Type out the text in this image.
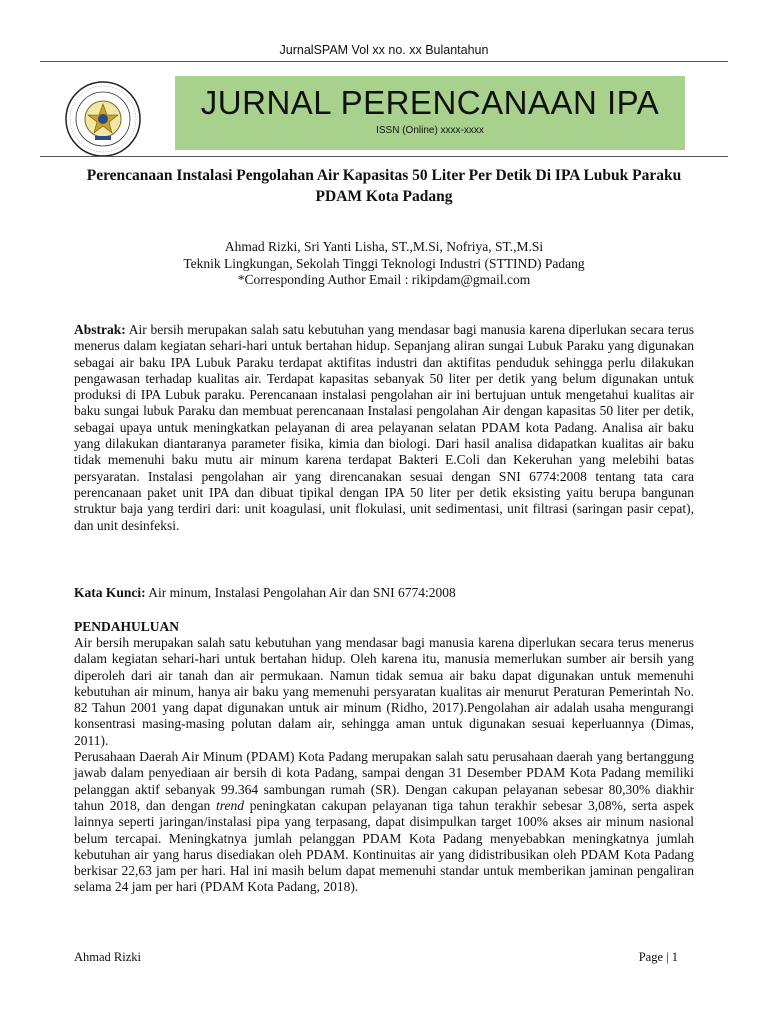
JurnalSPAM Vol xx no. xx Bulantahun
JURNAL PERENCANAAN IPA
ISSN (Online) xxxx-xxxx
Perencanaan Instalasi Pengolahan Air Kapasitas 50 Liter Per Detik Di IPA Lubuk Paraku PDAM Kota Padang
Ahmad Rizki, Sri Yanti Lisha, ST.,M.Si, Nofriya, ST.,M.Si
Teknik Lingkungan, Sekolah Tinggi Teknologi Industri (STTIND) Padang
*Corresponding Author Email : rikipdam@gmail.com
Abstrak: Air bersih merupakan salah satu kebutuhan yang mendasar bagi manusia karena diperlukan secara terus menerus dalam kegiatan sehari-hari untuk bertahan hidup. Sepanjang aliran sungai Lubuk Paraku yang digunakan sebagai air baku IPA Lubuk Paraku terdapat aktifitas industri dan aktifitas penduduk sehingga perlu dilakukan pengawasan terhadap kualitas air. Terdapat kapasitas sebanyak 50 liter per detik yang belum digunakan untuk produksi di IPA Lubuk paraku. Perencanaan instalasi pengolahan air ini bertujuan untuk mengetahui kualitas air baku sungai lubuk Paraku dan membuat perencanaan Instalasi pengolahan Air dengan kapasitas 50 liter per detik, sebagai upaya untuk meningkatkan pelayanan di area pelayanan selatan PDAM kota Padang. Analisa air baku yang dilakukan diantaranya parameter fisika, kimia dan biologi. Dari hasil analisa didapatkan kualitas air baku tidak memenuhi baku mutu air minum karena terdapat Bakteri E.Coli dan Kekeruhan yang melebihi batas persyaratan. Instalasi pengolahan air yang direncanakan sesuai dengan SNI 6774:2008 tentang tata cara perencanaan paket unit IPA dan dibuat tipikal dengan IPA 50 liter per detik eksisting yaitu berupa bangunan struktur baja yang terdiri dari: unit koagulasi, unit flokulasi, unit sedimentasi, unit filtrasi (saringan pasir cepat), dan unit desinfeksi.
Kata Kunci: Air minum, Instalasi Pengolahan Air dan SNI 6774:2008
PENDAHULUAN

Air bersih merupakan salah satu kebutuhan yang mendasar bagi manusia karena diperlukan secara terus menerus dalam kegiatan sehari-hari untuk bertahan hidup. Oleh karena itu, manusia memerlukan sumber air bersih yang diperoleh dari air tanah dan air permukaan. Namun tidak semua air baku dapat digunakan untuk memenuhi kebutuhan air minum, hanya air baku yang memenuhi persyaratan kualitas air menurut Peraturan Pemerintah No. 82 Tahun 2001 yang dapat digunakan untuk air minum (Ridho, 2017).Pengolahan air adalah usaha mengurangi konsentrasi masing-masing polutan dalam air, sehingga aman untuk digunakan sesuai keperluannya (Dimas, 2011).

Perusahaan Daerah Air Minum (PDAM) Kota Padang merupakan salah satu perusahaan daerah yang bertanggung jawab dalam penyediaan air bersih di kota Padang, sampai dengan 31 Desember PDAM Kota Padang memiliki pelanggan aktif sebanyak 99.364 sambungan rumah (SR). Dengan cakupan pelayanan sebesar 80,30% diakhir tahun 2018, dan dengan trend peningkatan cakupan pelayanan tiga tahun terakhir sebesar 3,08%, serta aspek lainnya seperti jaringan/instalasi pipa yang terpasang, dapat disimpulkan target 100% akses air minum nasional belum tercapai. Meningkatnya jumlah pelanggan PDAM Kota Padang menyebabkan meningkatnya jumlah kebutuhan air yang harus disediakan oleh PDAM. Kontinuitas air yang didistribusikan oleh PDAM Kota Padang berkisar 22,63 jam per hari. Hal ini masih belum dapat memenuhi standar untuk memberikan jaminan pengaliran selama 24 jam per hari (PDAM Kota Padang, 2018).

Ahmad Rizki	Page | 1
